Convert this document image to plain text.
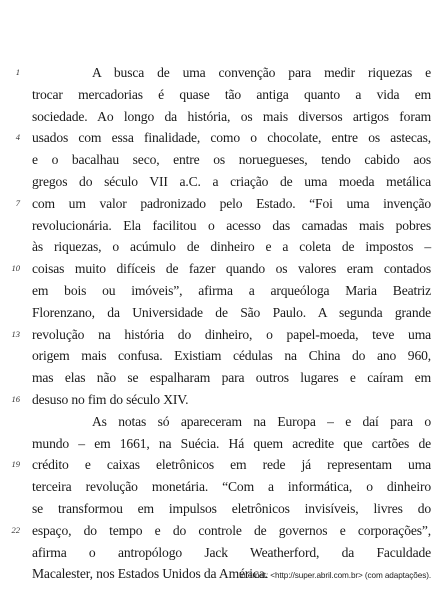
1
4
7
10
13
16
19
22
A busca de uma convenção para medir riquezas e
trocar mercadorias é quase tão antiga quanto a vida em
sociedade. Ao longo da história, os mais diversos artigos foram
usados com essa finalidade, como o chocolate, entre os astecas,
e o bacalhau seco, entre os noruegueses, tendo cabido aos
gregos do século VII a.C. a criação de uma moeda metálica
com um valor padronizado pelo Estado. “Foi uma invenção
revolucionária. Ela facilitou o acesso das camadas mais pobres
às riquezas, o acúmulo de dinheiro e a coleta de impostos –
coisas muito difíceis de fazer quando os valores eram contados
em bois ou imóveis”, afirma a arqueóloga Maria Beatriz
Florenzano, da Universidade de São Paulo. A segunda grande
revolução na história do dinheiro, o papel-moeda, teve uma
origem mais confusa. Existiam cédulas na China do ano 960,
mas elas não se espalharam para outros lugares e caíram em
desuso no fim do século XIV.
As notas só apareceram na Europa – e daí para o
mundo – em 1661, na Suécia. Há quem acredite que cartões de
crédito e caixas eletrônicos em rede já representam uma
terceira revolução monetária. “Com a informática, o dinheiro
se transformou em impulsos eletrônicos invisíveis, livres do
espaço, do tempo e do controle de governos e corporações”,
afirma o antropólogo Jack Weatherford, da Faculdade
Macalester, nos Estados Unidos da América.
Internet: <http://super.abril.com.br> (com adaptações).
